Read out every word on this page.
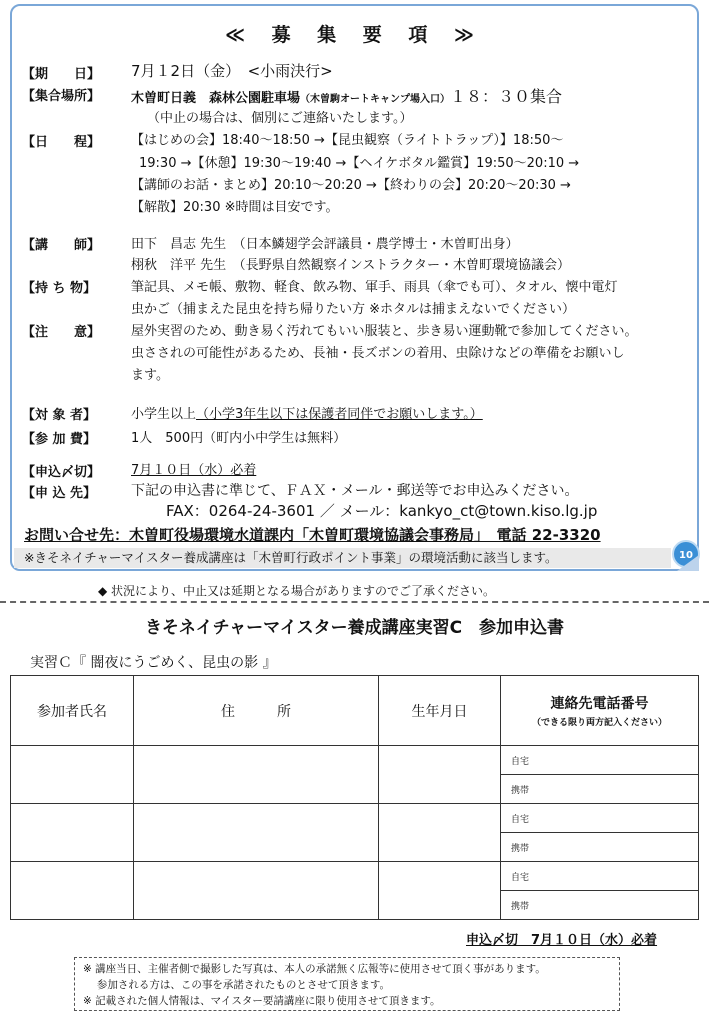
≪ 募 集 要 項 ≫
【期　　日】 7月１2日（金）　<小雨決行>
【集合場所】 木曽町日義　森林公園駐車場（木曽駒オートキャンプ場入口）１８：３０集合
（中止の場合は、個別にご連絡いたします。）
【日　　程】 【はじめの会】18:40～18:50 →【昆虫観察（ライトトラップ）】18:50～
19:30 →【休憩】19:30～19:40 →【ヘイケボタル鑑賞】19:50～20:10 →
【講師のお話・まとめ】20:10～20:20 →【終わりの会】20:20～20:30 →
【解散】20:30 ※時間は目安です。
【講　　師】 田下　昌志 先生　（日本鱗翅学会評議員・農学博士・木曽町出身）
栩秋　洋平 先生　（長野県自然観察インストラクター・木曽町環境協議会）
【持 ち 物】	筆記具、メモ帳、敷物、軽食、飲み物、軍手、雨具（傘でも可）、タオル、懐中電灯
虫かご（捕まえた昆虫を持ち帰りたい方 ※ホタルは捕まえないでください）
【注　　意】 屋外実習のため、動き易く汚れてもいい服装と、歩き易い運動靴で参加してください。
虫さされの可能性があるため、長袖・長ズボンの着用、虫除けなどの準備をお願いし
ます。
【対 象 者】	小学生以上（小学3年生以下は保護者同伴でお願いします。）
【参 加 費】	1人　500円（町内小中学生は無料）
【申込〆切】 7月１０日（水）必着
【申 込 先】 下記の申込書に準じて、ＦＡＸ・メール・郵送等でお申込みください。
FAX：0264-24-3601 ／ メール：kankyo_ct@town.kiso.lg.jp
お問い合せ先：木曽町役場環境水道課内「木曽町環境協議会事務局」　電話 22-3320
※きそネイチャーマイスター養成講座は「木曽町行政ポイント事業」の環境活動に該当します。	10
◆ 状況により、中止又は延期となる場合がありますのでご了承ください。
きそネイチャーマイスター養成講座実習C　参加申込書
実習Ｃ『 闇夜にうごめく、昆虫の影 』
参加者氏名	住　　　所	生年月日	連絡先電話番号
（できる限り両方記入ください）

			自宅
			携帯
			自宅
			携帯
			自宅
			携帯
申込〆切　7月１０日（水）必着
※ 講座当日、主催者側で撮影した写真は、本人の承諾無く広報等に使用させて頂く事があります。
　 参加される方は、この事を承諾されたものとさせて頂きます。
※ 記載された個人情報は、マイスター要請講座に限り使用させて頂きます。
